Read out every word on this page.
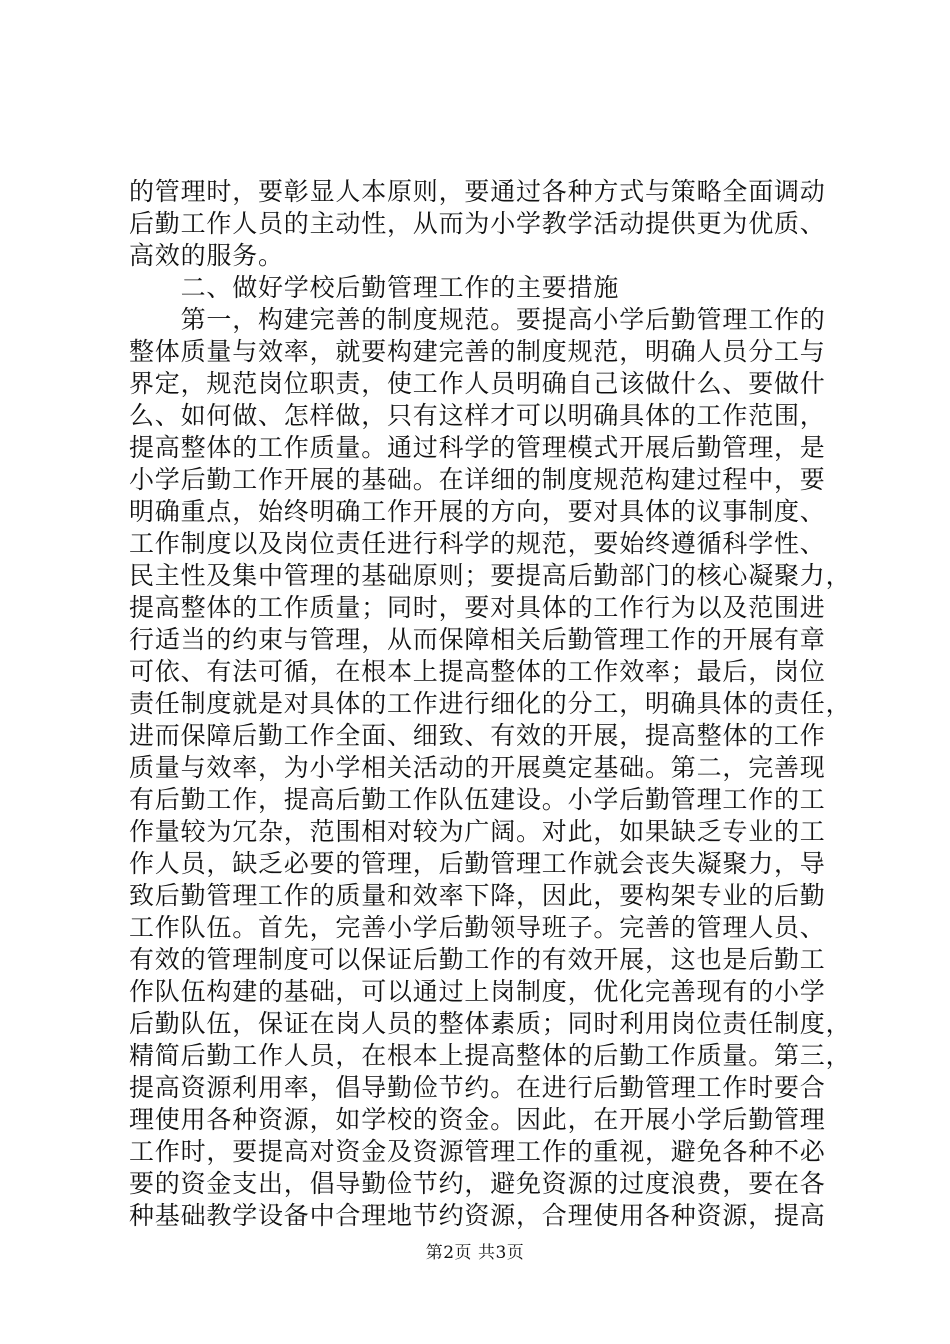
的管理时，要彰显人本原则，要通过各种方式与策略全面调动
后勤工作人员的主动性，从而为小学教学活动提供更为优质、
高效的服务。
　　二、做好学校后勤管理工作的主要措施
　　第一，构建完善的制度规范。要提高小学后勤管理工作的
整体质量与效率，就要构建完善的制度规范，明确人员分工与
界定，规范岗位职责，使工作人员明确自己该做什么、要做什
么、如何做、怎样做，只有这样才可以明确具体的工作范围，
提高整体的工作质量。通过科学的管理模式开展后勤管理，是
小学后勤工作开展的基础。在详细的制度规范构建过程中，要
明确重点，始终明确工作开展的方向，要对具体的议事制度、
工作制度以及岗位责任进行科学的规范，要始终遵循科学性、
民主性及集中管理的基础原则；要提高后勤部门的核心凝聚力，
提高整体的工作质量；同时，要对具体的工作行为以及范围进
行适当的约束与管理，从而保障相关后勤管理工作的开展有章
可依、有法可循，在根本上提高整体的工作效率；最后，岗位
责任制度就是对具体的工作进行细化的分工，明确具体的责任，
进而保障后勤工作全面、细致、有效的开展，提高整体的工作
质量与效率，为小学相关活动的开展奠定基础。第二，完善现
有后勤工作，提高后勤工作队伍建设。小学后勤管理工作的工
作量较为冗杂，范围相对较为广阔。对此，如果缺乏专业的工
作人员，缺乏必要的管理，后勤管理工作就会丧失凝聚力，导
致后勤管理工作的质量和效率下降，因此，要构架专业的后勤
工作队伍。首先，完善小学后勤领导班子。完善的管理人员、
有效的管理制度可以保证后勤工作的有效开展，这也是后勤工
作队伍构建的基础，可以通过上岗制度，优化完善现有的小学
后勤队伍，保证在岗人员的整体素质；同时利用岗位责任制度，
精简后勤工作人员，在根本上提高整体的后勤工作质量。第三，
提高资源利用率，倡导勤俭节约。在进行后勤管理工作时要合
理使用各种资源，如学校的资金。因此，在开展小学后勤管理
工作时，要提高对资金及资源管理工作的重视，避免各种不必
要的资金支出，倡导勤俭节约，避免资源的过度浪费，要在各
种基础教学设备中合理地节约资源，合理使用各种资源，提高
第2页 共3页
